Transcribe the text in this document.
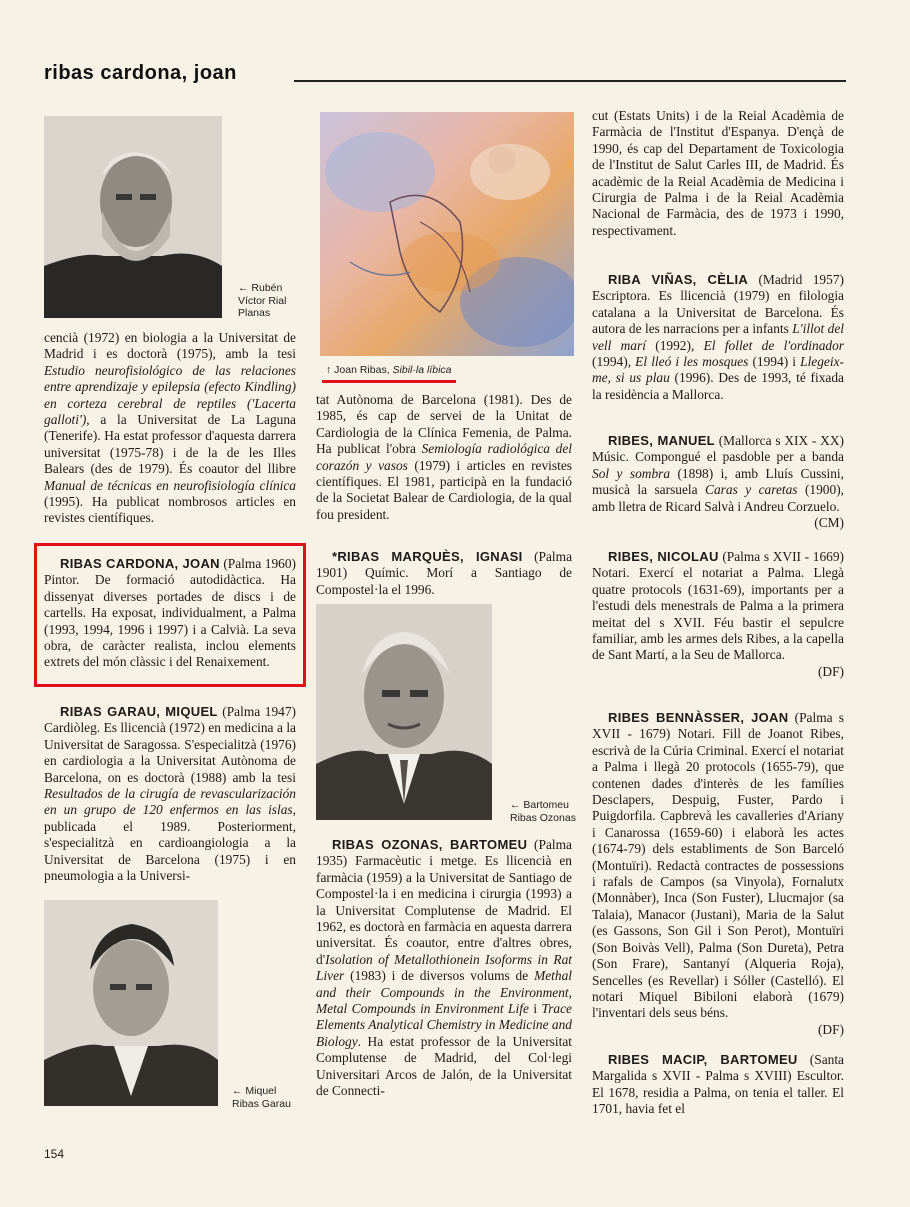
ribas cardona, joan
← Rubén
Víctor Rial
Planas
↑ Joan Ribas, Sibil·la líbica
← Bartomeu
Ribas Ozonas
← Miquel
Ribas Garau

cencià (1972) en biologia a la Universitat de Madrid i es doctorà (1975), amb la tesi Estudio neurofisiológico de las relaciones entre aprendizaje y epilepsia (efecto Kindling) en corteza cerebral de reptiles ('Lacerta galloti'), a la Universitat de La Laguna (Tenerife). Ha estat professor d'aquesta darrera universitat (1975-78) i de la de les Illes Balears (des de 1979). És coautor del llibre Manual de técnicas en neurofisiología clínica (1995). Ha publicat nombrosos articles en revistes científiques.

RIBAS CARDONA, JOAN (Palma 1960) Pintor. De formació autodidàctica. Ha dissenyat diverses portades de discs i de cartells. Ha exposat, individualment, a Palma (1993, 1994, 1996 i 1997) i a Calvià. La seva obra, de caràcter realista, inclou elements extrets del món clàssic i del Renaixement.

RIBAS GARAU, MIQUEL (Palma 1947) Cardiòleg. Es llicencià (1972) en medicina a la Universitat de Saragossa. S'especialitzà (1976) en cardiologia a la Universitat Autònoma de Barcelona, on es doctorà (1988) amb la tesi Resultados de la cirugía de revascularización en un grupo de 120 enfermos en las islas, publicada el 1989. Posteriorment, s'especialitzà en cardioangiologia a la Universitat de Barcelona (1975) i en pneumologia a la Universi-

tat Autònoma de Barcelona (1981). Des de 1985, és cap de servei de la Unitat de Cardiologia de la Clínica Femenia, de Palma. Ha publicat l'obra Semiología radiológica del corazón y vasos (1979) i articles en revistes científiques. El 1981, participà en la fundació de la Societat Balear de Cardiologia, de la qual fou president.

*RIBAS MARQUÈS, IGNASI (Palma 1901) Químic. Morí a Santiago de Compostel·la el 1996.

RIBAS OZONAS, BARTOMEU (Palma 1935) Farmacèutic i metge. Es llicencià en farmàcia (1959) a la Universitat de Santiago de Compostel·la i en medicina i cirurgia (1993) a la Universitat Complutense de Madrid. El 1962, es doctorà en farmàcia en aquesta darrera universitat. És coautor, entre d'altres obres, d'Isolation of Metallothionein Isoforms in Rat Liver (1983) i de diversos volums de Methal and their Compounds in the Environment, Metal Compounds in Environment Life i Trace Elements Analytical Chemistry in Medicine and Biology. Ha estat professor de la Universitat Complutense de Madrid, del Col·legi Universitari Arcos de Jalón, de la Universitat de Connecti-

cut (Estats Units) i de la Reial Acadèmia de Farmàcia de l'Institut d'Espanya. D'ençà de 1990, és cap del Departament de Toxicologia de l'Institut de Salut Carles III, de Madrid. És acadèmic de la Reial Acadèmia de Medicina i Cirurgia de Palma i de la Reial Acadèmia Nacional de Farmàcia, des de 1973 i 1990, respectivament.

RIBA VIÑAS, CÈLIA (Madrid 1957) Escriptora. Es llicencià (1979) en filologia catalana a la Universitat de Barcelona. És autora de les narracions per a infants L'illot del vell marí (1992), El follet de l'ordinador (1994), El lleó i les mosques (1994) i Llegeix-me, si us plau (1996). Des de 1993, té fixada la residència a Mallorca.

RIBES, MANUEL (Mallorca s XIX - XX) Músic. Compongué el pasdoble per a banda Sol y sombra (1898) i, amb Lluís Cussini, musicà la sarsuela Caras y caretas (1900), amb lletra de Ricard Salvà i Andreu Corzuelo.

(CM)

RIBES, NICOLAU (Palma s XVII - 1669) Notari. Exercí el notariat a Palma. Llegà quatre protocols (1631-69), importants per a l'estudi dels menestrals de Palma a la primera meitat del s XVII. Féu bastir el sepulcre familiar, amb les armes dels Ribes, a la capella de Sant Martí, a la Seu de Mallorca.

(DF)

RIBES BENNÀSSER, JOAN (Palma s XVII - 1679) Notari. Fill de Joanot Ribes, escrivà de la Cúria Criminal. Exercí el notariat a Palma i llegà 20 protocols (1655-79), que contenen dades d'interès de les famílies Desclapers, Despuig, Fuster, Pardo i Puigdorfila. Capbrevà les cavalleries d'Ariany i Canarossa (1659-60) i elaborà les actes (1674-79) dels establiments de Son Barceló (Montuïri). Redactà contractes de possessions i rafals de Campos (sa Vinyola), Fornalutx (Monnàber), Inca (Son Fuster), Llucmajor (sa Talaia), Manacor (Justani), Maria de la Salut (es Gassons, Son Gil i Son Perot), Montuïri (Son Boivàs Vell), Palma (Son Dureta), Petra (Son Frare), Santanyí (Alqueria Roja), Sencelles (es Revellar) i Sóller (Castelló). El notari Miquel Bibiloni elaborà (1679) l'inventari dels seus béns.

(DF)

RIBES MACIP, BARTOMEU (Santa Margalida s XVII - Palma s XVIII) Escultor. El 1678, residia a Palma, on tenia el taller. El 1701, havia fet el

154
